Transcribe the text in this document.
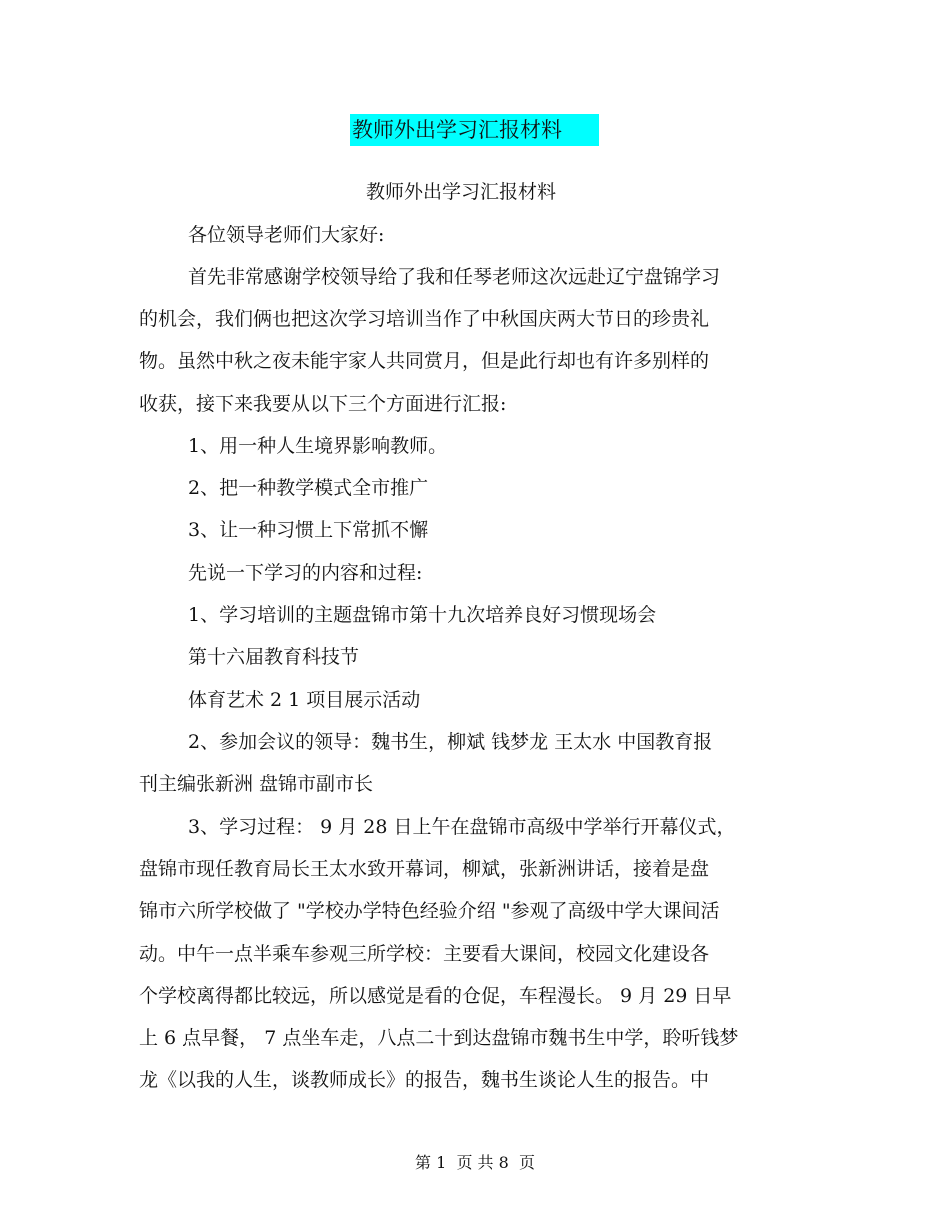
教师外出学习汇报材料
教师外出学习汇报材料
各位领导老师们大家好:
首先非常感谢学校领导给了我和任琴老师这次远赴辽宁盘锦学习
的机会，我们俩也把这次学习培训当作了中秋国庆两大节日的珍贵礼
物。虽然中秋之夜未能宇家人共同赏月，但是此行却也有许多别样的
收获，接下来我要从以下三个方面进行汇报:
1、用一种人生境界影响教师。
2、把一种教学模式全市推广
3、让一种习惯上下常抓不懈
先说一下学习的内容和过程:
1、学习培训的主题盘锦市第十九次培养良好习惯现场会
第十六届教育科技节
体育艺术 2 1 项目展示活动
2、参加会议的领导：魏书生，柳斌 钱梦龙 王太水 中国教育报
刊主编张新洲 盘锦市副市长
3、学习过程： 9 月 28 日上午在盘锦市高级中学举行开幕仪式，
盘锦市现任教育局长王太水致开幕词，柳斌，张新洲讲话，接着是盘
锦市六所学校做了 "学校办学特色经验介绍 "参观了高级中学大课间活
动。中午一点半乘车参观三所学校：主要看大课间，校园文化建设各
个学校离得都比较远，所以感觉是看的仓促，车程漫长。 9 月 29 日早
上 6 点早餐， 7 点坐车走，八点二十到达盘锦市魏书生中学，聆听钱梦
龙《以我的人生，谈教师成长》的报告，魏书生谈论人生的报告。中
第 1  页 共 8  页
